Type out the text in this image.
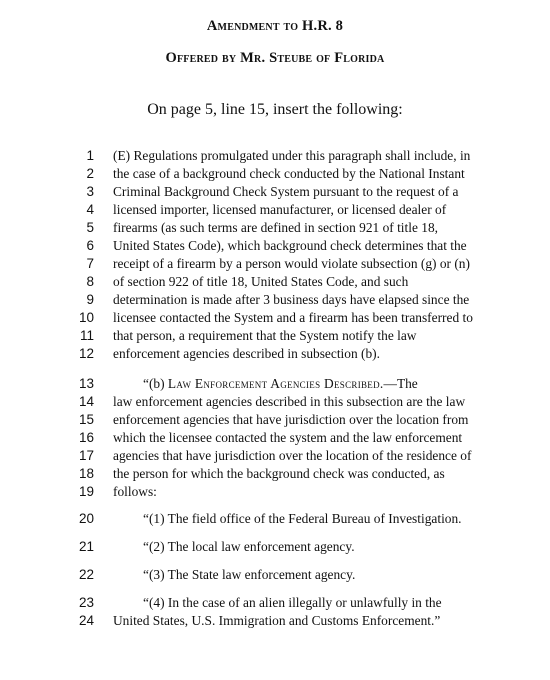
Amendment to H.R. 8
Offered by Mr. Steube of Florida
On page 5, line 15, insert the following:
1 (E) Regulations promulgated under this paragraph shall include, in
2 the case of a background check conducted by the National Instant
3 Criminal Background Check System pursuant to the request of a
4 licensed importer, licensed manufacturer, or licensed dealer of
5 firearms (as such terms are defined in section 921 of title 18,
6 United States Code), which background check determines that the
7 receipt of a firearm by a person would violate subsection (g) or (n)
8 of section 922 of title 18, United States Code, and such
9 determination is made after 3 business days have elapsed since the
10 licensee contacted the System and a firearm has been transferred to
11 that person, a requirement that the System notify the law
12 enforcement agencies described in subsection (b).
13	“(b) Law Enforcement Agencies Described.—The
14 law enforcement agencies described in this subsection are the law
15 enforcement agencies that have jurisdiction over the location from
16 which the licensee contacted the system and the law enforcement
17 agencies that have jurisdiction over the location of the residence of
18 the person for which the background check was conducted, as
19 follows:
20	“(1) The field office of the Federal Bureau of Investigation.
21	“(2) The local law enforcement agency.
22	“(3) The State law enforcement agency.
23	“(4) In the case of an alien illegally or unlawfully in the
24 United States, U.S. Immigration and Customs Enforcement.”
